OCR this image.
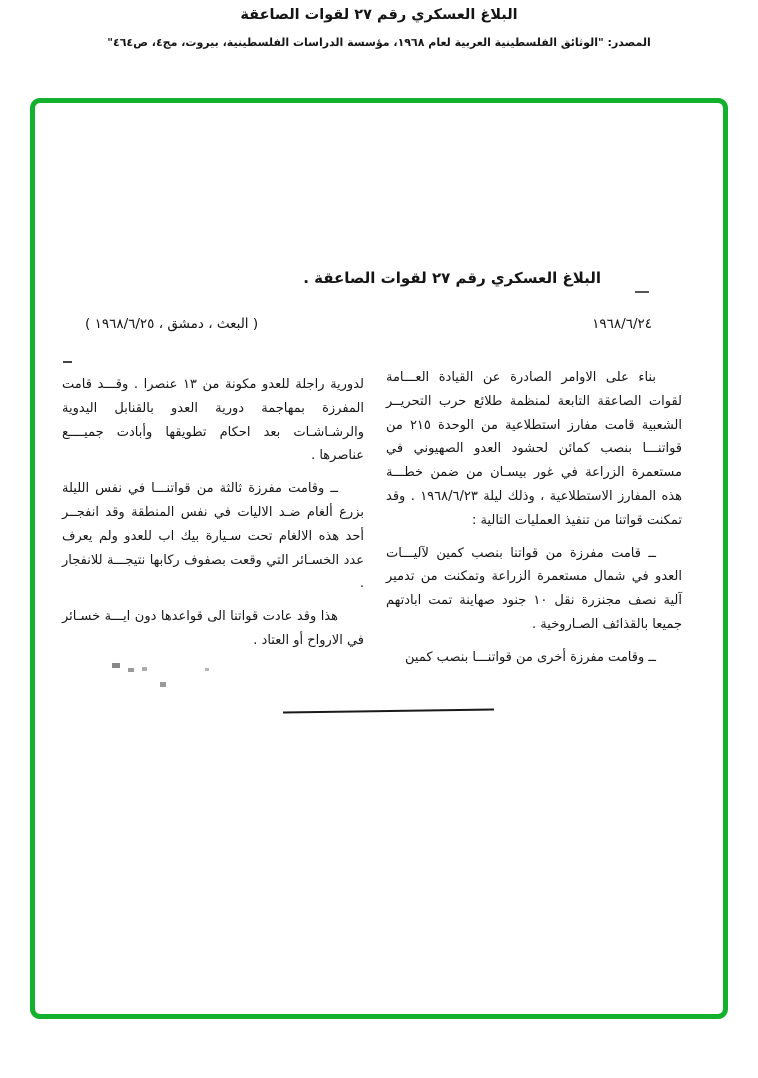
البلاغ العسكري رقم ٢٧ لقوات الصاعقة
المصدر: "الوثائق الفلسطينية العربية لعام ١٩٦٨، مؤسسة الدراسات الفلسطينية، بيروت، مج٤، ص٤٦٤"
البلاغ العسكري رقم ٢٧ لقوات الصاعقة .
١٩٦٨/٦/٢٤
( البعث ، دمشق ، ١٩٦٨/٦/٢٥ )

بناء على الاوامر الصادرة عن القيادة العـــامة لقوات الصاعقة التابعة لمنظمة طلائع حرب التحريــر الشعبية قامت مفارز استطلاعية من الوحدة ٢١٥ من قواتنـــا بنصب كمائن لحشود العدو الصهيوني في مستعمرة الزراعة في غور بيسـان من ضمن خطـــة هذه المفارز الاستطلاعية ، وذلك ليلة ١٩٦٨/٦/٢٣ . وقد تمكنت قواتنا من تنفيذ العمليات التالية :

ــ قامت مفرزة من قواتنا بنصب كمين لآليـــات العدو في شمال مستعمرة الزراعة وتمكنت من تدمير آلية نصف مجنزرة نقل ١٠ جنود صهاينة تمت ابادتهم جميعا بالقذائف الصـاروخية .

ــ وقامت مفرزة أخرى من قواتنـــا بنصب كمين

لدورية راجلة للعدو مكونة من ١٣ عنصرا . وقـــد قامت المفرزة بمهاجمة دورية العدو بالقنابل اليدوية والرشـاشـات بعد احكام تطويقها وأبادت جميــــع عناصرها .

ــ وقامت مفرزة ثالثة من قواتنـــا في نفس الليلة بزرع ألغام ضـد الاليات في نفس المنطقة وقد انفجــر أحد هذه الالغام تحت سـيارة بيك اب للعدو ولم يعرف عدد الخسـائر التي وقعت بصفوف ركابها نتيجـــة للانفجار .

هذا وقد عادت قواتنا الى قواعدها دون ايـــة خسـائر في الارواح أو العتاد .
